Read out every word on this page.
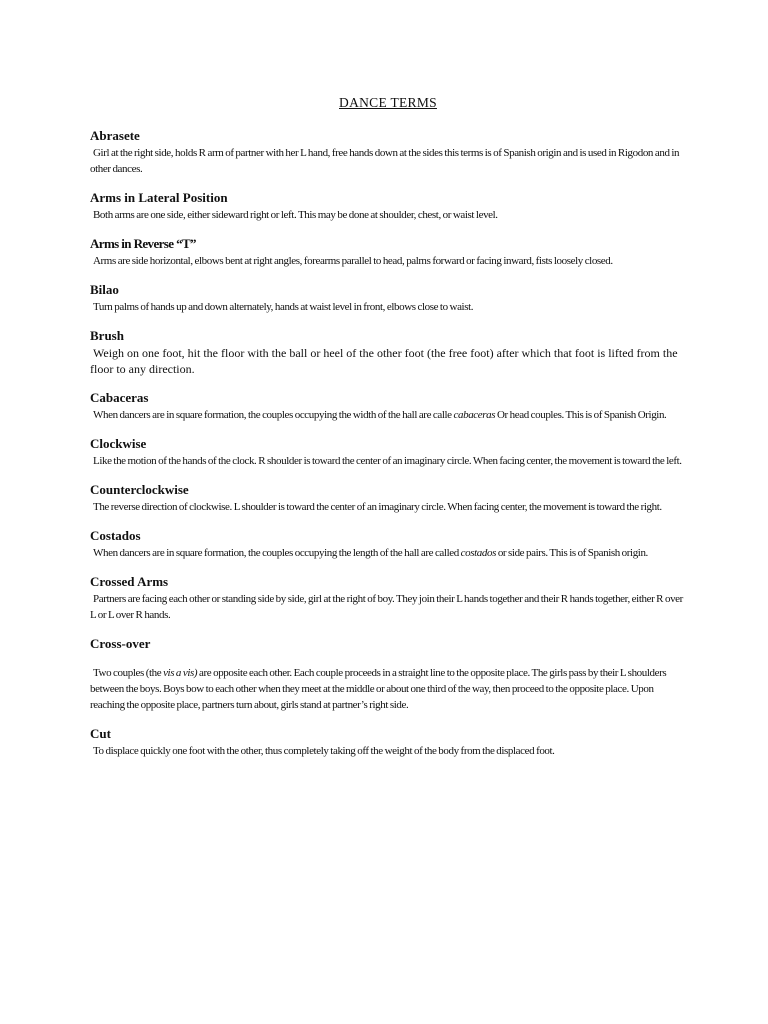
DANCE TERMS
Abrasete

Girl at the right side, holds R arm of partner with her L hand, free hands down at the sides this terms is of Spanish origin and is used in Rigodon and in other dances.

Arms in Lateral Position

Both arms are one side, either sideward right or left. This may be done at shoulder, chest, or waist level.

Arms in Reverse “T”

Arms are side horizontal, elbows bent at right angles, forearms parallel to head, palms forward or facing inward, fists loosely closed.

Bilao

Turn palms of hands up and down alternately, hands at waist level in front, elbows close to waist.

Brush

Weigh on one foot, hit the floor with the ball or heel of the other foot (the free foot) after which that foot is lifted from the floor to any direction.

Cabaceras

When dancers are in square formation, the couples occupying the width of the hall are calle cabaceras Or head couples. This is of Spanish Origin.

Clockwise

Like the motion of the hands of the clock. R shoulder is toward the center of an imaginary circle. When facing center, the movement is toward the left.

Counterclockwise

The reverse direction of clockwise. L shoulder is toward the center of an imaginary circle. When facing center, the movement is toward the right.

Costados

When dancers are in square formation, the couples occupying the length of the hall are called costados or side pairs. This is of Spanish origin.

Crossed Arms

Partners are facing each other or standing side by side, girl at the right of boy. They join their L hands together and their R hands together, either R over L or L over R hands.

Cross-over

Two couples (the vis a vis) are opposite each other. Each couple proceeds in a straight line to the opposite place. The girls pass by their L shoulders between the boys. Boys bow to each other when they meet at the middle or about one third of the way, then proceed to the opposite place. Upon reaching the opposite place, partners turn about, girls stand at partner’s right side.

Cut

To displace quickly one foot with the other, thus completely taking off the weight of the body from the displaced foot.
